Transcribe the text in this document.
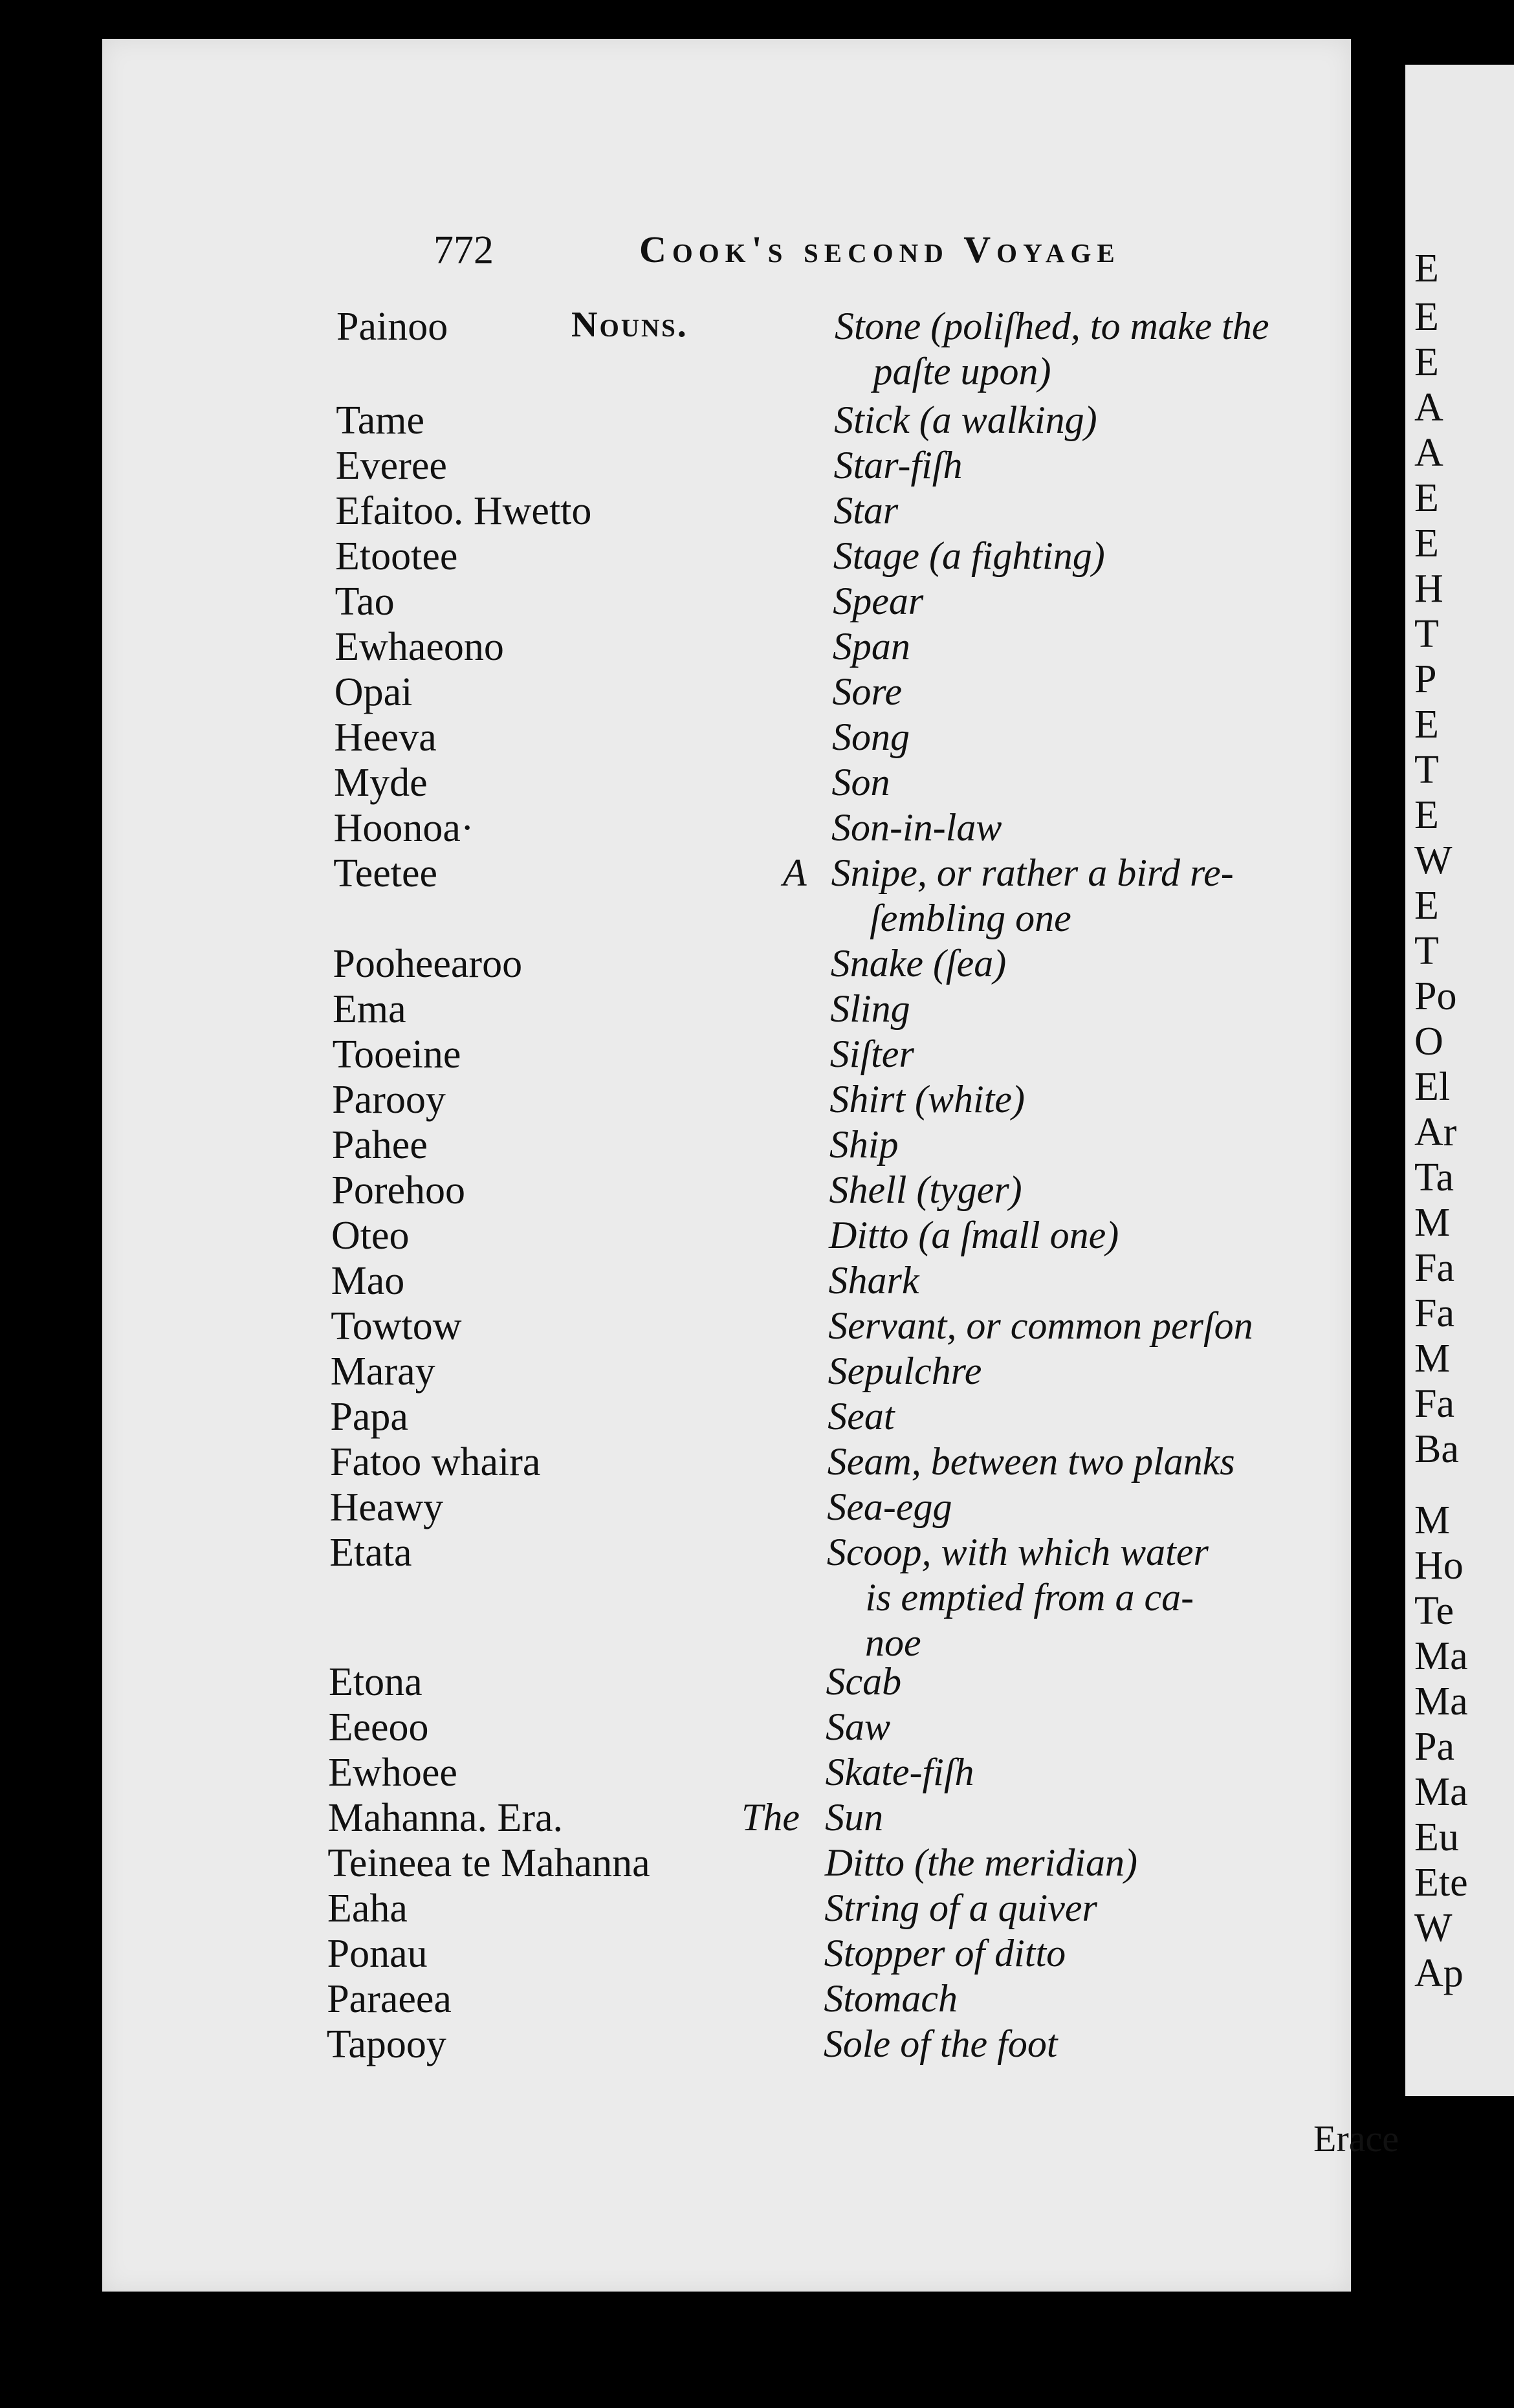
772	Cook's second Voyage
Nouns.
Painoo	Stone (poliſhed, to make the
paſte upon)
Tame	Stick (a walking)
Everee	Star-fiſh
Efaitoo. Hwetto	Star
Etootee	Stage (a fighting)
Tao	Spear
Ewhaeono	Span
Opai	Sore
Heeva	Song
Myde	Son
Hoonoa·	Son-in-law
Teetee	A Snipe, or rather a bird re-
ſembling one
Pooheearoo	Snake (ſea)
Ema	Sling
Tooeine	Siſter
Parooy	Shirt (white)
Pahee	Ship
Porehoo	Shell (tyger)
Oteo	Ditto (a ſmall one)
Mao	Shark
Towtow	Servant, or common perſon
Maray	Sepulchre
Papa	Seat
Fatoo whaira	Seam, between two planks
Heawy	Sea-egg
Etata	Scoop, with which water
is emptied from a ca-
noe
Etona	Scab
Eeeoo	Saw
Ewhoee	Skate-fiſh
Mahanna. Era.	The Sun
Teineea te Mahanna	Ditto (the meridian)
Eaha	String of a quiver
Ponau	Stopper of ditto
Paraeea	Stomach
Tapooy	Sole of the foot
Erace
E
E
E
A
A
E
E
H
T
P
E
T
E
W
E
T
Po
O
El
Ar
Ta
M
Fa
Fa
M
Fa
Ba
M
Ho
Te
Ma
Ma
Pa
Ma
Eu
Ete
W
Ap
